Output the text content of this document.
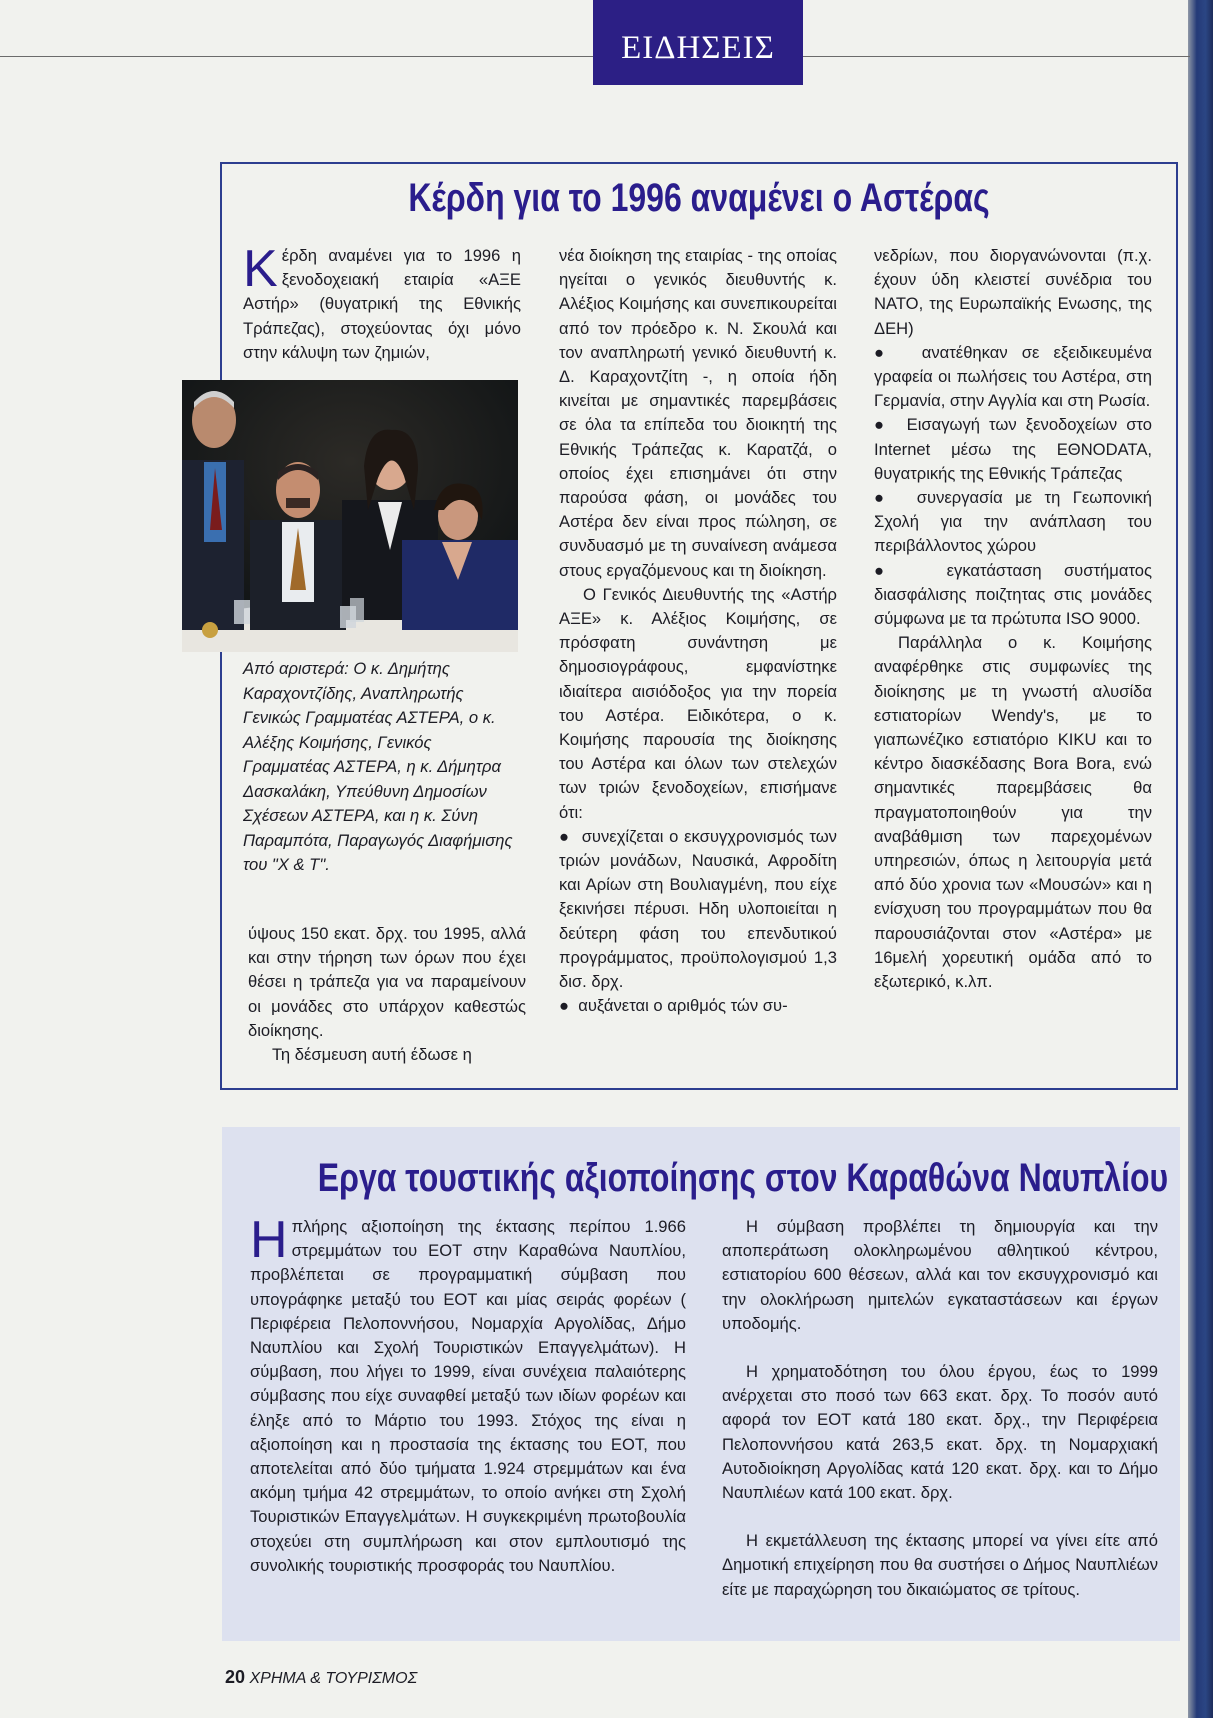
ΕΙΔΗΣΕΙΣ
Κέρδη για το 1996 αναμένει ο Αστέρας
Κ έρδη αναμένει για το 1996 η ξενοδοχειακή εταιρία «ΑΞΕ Αστήρ» (θυγατρική της Εθνικής Τράπεζας), στοχεύοντας όχι μόνο στην κάλυψη των ζημιών,
Από αριστερά: Ο κ. Δημήτης Καραχοντζίδης, Αναπληρωτής Γενικώς Γραμματέας ΑΣΤΕΡΑ, ο κ. Αλέξης Κοιμήσης, Γενικός Γραμματέας ΑΣΤΕΡΑ, η κ. Δήμητρα Δασκαλάκη, Υπεύθυνη Δημοσίων Σχέσεων ΑΣΤΕΡΑ, και η κ. Σύνη Παραμπότα, Παραγωγός Διαφήμισης του "Χ & Τ".

ύψους 150 εκατ. δρχ. του 1995, αλλά και στην τήρηση των όρων που έχει θέσει η τράπεζα για να παραμείνουν οι μονάδες στο υπάρχον καθεστώς διοίκησης.

Τη δέσμευση αυτή έδωσε η

νέα διοίκηση της εταιρίας - της οποίας ηγείται ο γενικός διευθυντής κ. Αλέξιος Κοιμήσης και συνεπικουρείται από τον πρόεδρο κ. Ν. Σκουλά και τον αναπληρωτή γενικό διευθυντή κ. Δ. Καραχοντζίτη -, η οποία ήδη κινείται με σημαντικές παρεμβάσεις σε όλα τα επίπεδα του διοικητή της Εθνικής Τράπεζας κ. Καρατζά, ο οποίος έχει επισημάνει ότι στην παρούσα φάση, οι μονάδες του Αστέρα δεν είναι προς πώληση, σε συνδυασμό με τη συναίνεση ανάμεσα στους εργαζόμενους και τη διοίκηση.

Ο Γενικός Διευθυντής της «Αστήρ ΑΞΕ» κ. Αλέξιος Κοιμήσης, σε πρόσφατη συνάντηση με δημοσιογράφους, εμφανίστηκε ιδιαίτερα αισιόδοξος για την πορεία του Αστέρα. Ειδικότερα, ο κ. Κοιμήσης παρουσία της διοίκησης του Αστέρα και όλων των στελεχών των τριών ξενοδοχείων, επισήμανε ότι:

● συνεχίζεται ο εκσυγχρονισμός των τριών μονάδων, Ναυσικά, Αφροδίτη και Αρίων στη Βουλιαγμένη, που είχε ξεκινήσει πέρυσι. Ηδη υλοποιείται η δεύτερη φάση του επενδυτικού προγράμματος, προϋπολογισμού 1,3 δισ. δρχ.

● αυξάνεται ο αριθμός τών συ-

νεδρίων, που διοργανώνονται (π.χ. έχουν ύδη κλειστεί συνέδρια του ΝΑΤΟ, της Ευρωπαϊκής Ενωσης, της ΔΕΗ)

● ανατέθηκαν σε εξειδικευμένα γραφεία οι πωλήσεις του Αστέρα, στη Γερμανία, στην Αγγλία και στη Ρωσία.

● Εισαγωγή των ξενοδοχείων στο Internet μέσω της ΕΘΝΟDATA, θυγατρικής της Εθνικής Τράπεζας

● συνεργασία με τη Γεωπονική Σχολή για την ανάπλαση του περιβάλλοντος χώρου

●	εγκατάσταση συστήματος διασφάλισης ποιζτητας στις μονάδες σύμφωνα με τα πρώτυπα ISO 9000.

Παράλληλα ο κ. Κοιμήσης αναφέρθηκε στις συμφωνίες της διοίκησης με τη γνωστή αλυσίδα εστιατορίων Wendy's, με το γιαπωνέζικο εστιατόριο KIKU και το κέντρο διασκέδασης Bora Bora, ενώ σημαντικές παρεμβάσεις θα πραγματοποιηθούν για την αναβάθμιση των παρεχομένων υπηρεσιών, όπως η λειτουργία μετά από δύο χρονια των «Μουσών» και η ενίσχυση του προγραμμάτων που θα παρουσιάζονται στον «Αστέρα» με 16μελή χορευτική ομάδα από το εξωτερικό, κ.λπ.

Εργα τουστικής αξιοποίησης στον Καραθώνα Ναυπλίου
Η πλήρης αξιοποίηση της έκτασης περίπου 1.966 στρεμμάτων του ΕΟΤ στην Καραθώνα Ναυπλίου, προβλέπεται σε προγραμματική σύμβαση που υπογράφηκε μεταξύ του ΕΟΤ και μίας σειράς φορέων ( Περιφέρεια Πελοποννήσου, Νομαρχία Αργολίδας, Δήμο Ναυπλίου και Σχολή Τουριστικών Επαγγελμάτων). Η σύμβαση, που λήγει το 1999, είναι συνέχεια παλαιότερης σύμβασης που είχε συναφθεί μεταξύ των ιδίων φορέων και έληξε από το Μάρτιο του 1993. Στόχος της είναι η αξιοποίηση και η προστασία της έκτασης του ΕΟΤ, που αποτελείται από δύο τμήματα 1.924 στρεμμάτων και ένα ακόμη τμήμα 42 στρεμμάτων, το οποίο ανήκει στη Σχολή Τουριστικών Επαγγελμάτων. Η συγκεκριμένη πρωτοβουλία στοχεύει στη συμπλήρωση και στον εμπλουτισμό της συνολικής τουριστικής προσφοράς του Ναυπλίου.

Η σύμβαση προβλέπει τη δημιουργία και την αποπεράτωση ολοκληρωμένου αθλητικού κέντρου, εστιατορίου 600 θέσεων, αλλά και τον εκσυγχρονισμό και την ολοκλήρωση ημιτελών εγκαταστάσεων και έργων υποδομής.

Η χρηματοδότηση του όλου έργου, έως το 1999 ανέρχεται στο ποσό των 663 εκατ. δρχ. Το ποσόν αυτό αφορά τον ΕΟΤ κατά 180 εκατ. δρχ., την Περιφέρεια Πελοποννήσου κατά 263,5 εκατ. δρχ. τη Νομαρχιακή Αυτοδιοίκηση Αργολίδας κατά 120 εκατ. δρχ. και το Δήμο Ναυπλιέων κατά 100 εκατ. δρχ.

Η εκμετάλλευση της έκτασης μπορεί να γίνει είτε από Δημοτική επιχείρηση που θα συστήσει ο Δήμος Ναυπλιέων είτε με παραχώρηση του δικαιώματος σε τρίτους.

20 ΧΡΗΜΑ & ΤΟΥΡΙΣΜΟΣ
